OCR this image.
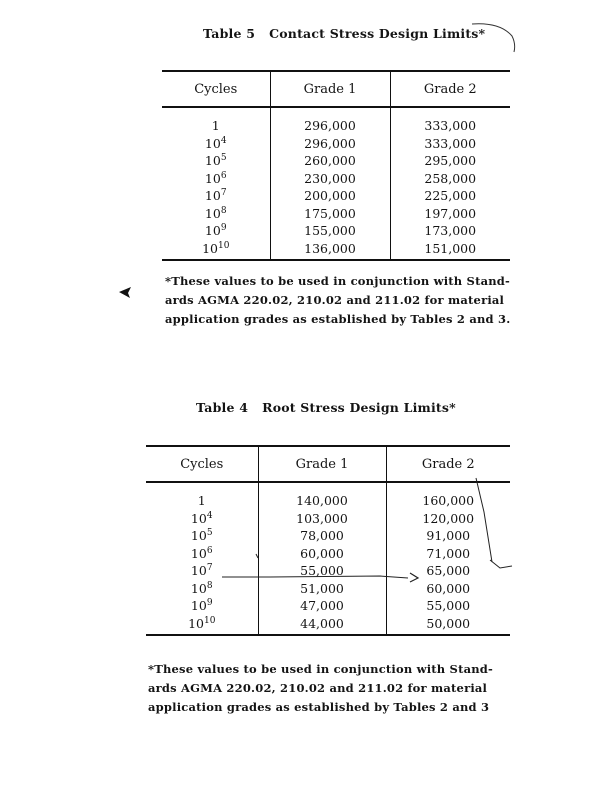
Table 5 Contact Stress Design Limits*
Cycles	Grade 1	Grade 2
1	296,000	333,000
$10^4$	296,000	333,000
$10^5$	260,000	295,000
$10^6$	230,000	258,000
$10^7$	200,000	225,000
$10^8$	175,000	197,000
$10^9$	155,000	173,000
$10^{10}$	136,000	151,000
*These values to be used in conjunction with Stand-
ards AGMA 220.02, 210.02 and 211.02 for material
application grades as established by Tables 2 and 3.
Table 4 Root Stress Design Limits*
Cycles	Grade 1	Grade 2
1	140,000	160,000
$10^4$	103,000	120,000
$10^5$	78,000	91,000
$10^6$	60,000	71,000
$10^7$	55,000	65,000
$10^8$	51,000	60,000
$10^9$	47,000	55,000
$10^{10}$	44,000	50,000
*These values to be used in conjunction with Stand-
ards AGMA 220.02, 210.02 and 211.02 for material
application grades as established by Tables 2 and 3
